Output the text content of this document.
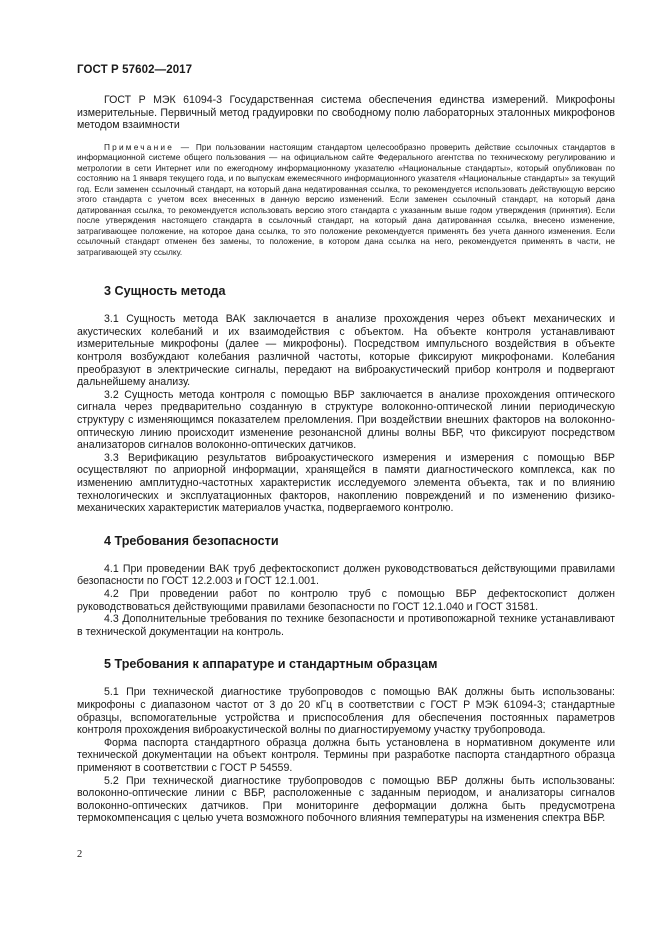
ГОСТ Р 57602—2017

ГОСТ Р МЭК 61094-3 Государственная система обеспечения единства измерений. Микрофоны измерительные. Первичный метод градуировки по свободному полю лабораторных эталонных микрофонов методом взаимности

Примечание — При пользовании настоящим стандартом целесообразно проверить действие ссылочных стандартов в информационной системе общего пользования — на официальном сайте Федерального агентства по техническому регулированию и метрологии в сети Интернет или по ежегодному информационному указателю «Национальные стандарты», который опубликован по состоянию на 1 января текущего года, и по выпускам ежемесячного информационного указателя «Национальные стандарты» за текущий год. Если заменен ссылочный стандарт, на который дана недатированная ссылка, то рекомендуется использовать действующую версию этого стандарта с учетом всех внесенных в данную версию изменений. Если заменен ссылочный стандарт, на который дана датированная ссылка, то рекомендуется использовать версию этого стандарта с указанным выше годом утверждения (принятия). Если после утверждения настоящего стандарта в ссылочный стандарт, на который дана датированная ссылка, внесено изменение, затрагивающее положение, на которое дана ссылка, то это положение рекомендуется применять без учета данного изменения. Если ссылочный стандарт отменен без замены, то положение, в котором дана ссылка на него, рекомендуется применять в части, не затрагивающей эту ссылку.

3 Сущность метода

3.1 Сущность метода ВАК заключается в анализе прохождения через объект механических и акустических колебаний и их взаимодействия с объектом. На объекте контроля устанавливают измерительные микрофоны (далее — микрофоны). Посредством импульсного воздействия в объекте контроля возбуждают колебания различной частоты, которые фиксируют микрофонами. Колебания преобразуют в электрические сигналы, передают на виброакустический прибор контроля и подвергают дальнейшему анализу.

3.2 Сущность метода контроля с помощью ВБР заключается в анализе прохождения оптического сигнала через предварительно созданную в структуре волоконно-оптической линии периодическую структуру с изменяющимся показателем преломления. При воздействии внешних факторов на волоконно-оптическую линию происходит изменение резонансной длины волны ВБР, что фиксируют посредством анализаторов сигналов волоконно-оптических датчиков.

3.3 Верификацию результатов виброакустического измерения и измерения с помощью ВБР осуществляют по априорной информации, хранящейся в памяти диагностического комплекса, как по изменению амплитудно-частотных характеристик исследуемого элемента объекта, так и по влиянию технологических и эксплуатационных факторов, накоплению повреждений и по изменению физико-механических характеристик материалов участка, подвергаемого контролю.

4 Требования безопасности

4.1 При проведении ВАК труб дефектоскопист должен руководствоваться действующими правилами безопасности по ГОСТ 12.2.003 и ГОСТ 12.1.001.

4.2 При проведении работ по контролю труб с помощью ВБР дефектоскопист должен руководствоваться действующими правилами безопасности по ГОСТ 12.1.040 и ГОСТ 31581.

4.3 Дополнительные требования по технике безопасности и противопожарной технике устанавливают в технической документации на контроль.

5 Требования к аппаратуре и стандартным образцам

5.1 При технической диагностике трубопроводов с помощью ВАК должны быть использованы: микрофоны с диапазоном частот от 3 до 20 кГц в соответствии с ГОСТ Р МЭК 61094-3; стандартные образцы, вспомогательные устройства и приспособления для обеспечения постоянных параметров контроля прохождения виброакустической волны по диагностируемому участку трубопровода.

Форма паспорта стандартного образца должна быть установлена в нормативном документе или технической документации на объект контроля. Термины при разработке паспорта стандартного образца применяют в соответствии с ГОСТ Р 54559.

5.2 При технической диагностике трубопроводов с помощью ВБР должны быть использованы: волоконно-оптические линии с ВБР, расположенные с заданным периодом, и анализаторы сигналов волоконно-оптических датчиков. При мониторинге деформации должна быть предусмотрена термокомпенсация с целью учета возможного побочного влияния температуры на изменения спектра ВБР.

2
